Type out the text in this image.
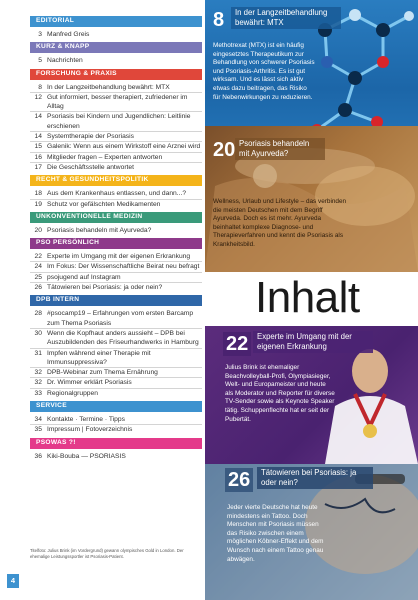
EDITORIAL
3 Manfred Greis
KURZ & KNAPP
5 Nachrichten
FORSCHUNG & PRAXIS
8 In der Langzeitbehandlung bewährt: MTX
12 Gut informiert, besser therapiert, zufriedener im Alltag
14 Psoriasis bei Kindern und Jugendlichen: Leitlinie erschienen
14 Systemtherapie der Psoriasis
15 Galenik: Wenn aus einem Wirkstoff eine Arznei wird
16 Mitglieder fragen – Experten antworten
17 Die Geschäftsstelle antwortet
RECHT & GESUNDHEITSPOLITIK
18 Aus dem Krankenhaus entlassen, und dann...?
19 Schutz vor gefälschten Medikamenten
UNKONVENTIONELLE MEDIZIN
20 Psoriasis behandeln mit Ayurveda?
PSO PERSÖNLICH
22 Experte im Umgang mit der eigenen Erkrankung
24 Im Fokus: Der Wissenschaftliche Beirat neu befragt
25 psojugend auf Instagram
26 Tätowieren bei Psoriasis: ja oder nein?
DPB INTERN
28 #psocamp19 – Erfahrungen vom ersten Barcamp zum Thema Psoriasis
30 Wenn die Kopfhaut anders aussieht – DPB bei Auszubildenden des Friseurhandwerks in Hamburg
31 Impfen während einer Therapie mit Immunsuppressiva?
32 DPB-Webinar zum Thema Ernährung
32 Dr. Wimmer erklärt Psoriasis
33 Regionalgruppen
SERVICE
34 Kontakte · Termine · Tipps
35 Impressum | Fotoverzeichnis
PSOWAS ?!
36 Kiki-Bouba — PSORIASIS
Titelfoto: Julius Brink (im Vordergrund) gewann olympisches Gold in London. Der ehemalige Leistungssportler ist Psoriasis-Patient.
4
8	In der Langzeitbehandlung bewährt: MTX
Methotrexat (MTX) ist ein häufig eingesetztes Therapeutikum zur Behandlung von schwerer Psoriasis und Psoriasis-Arthritis. Es ist gut wirksam. Und es lässt sich aktiv etwas dazu beitragen, das Risiko für Nebenwirkungen zu reduzieren.
20 Psoriasis behandeln mit Ayurveda?
Wellness, Urlaub und Lifestyle – das verbinden die meisten Deutschen mit dem Begriff Ayurveda. Doch es ist mehr. Ayurveda beinhaltet komplexe Diagnose- und Therapieverfahren und kennt die Psoriasis als Krankheitsbild.
22	Experte im Umgang mit der eigenen Erkrankung
Julius Brink ist ehemaliger Beachvolleyball-Profi, Olympiasieger, Welt- und Europameister und heute als Moderator und Reporter für diverse TV-Sender sowie als Keynote Speaker tätig. Schuppenflechte hat er seit der Pubertät.
26	Tätowieren bei Psoriasis: ja oder nein?
Jeder vierte Deutsche hat heute mindestens ein Tattoo. Doch Menschen mit Psoriasis müssen das Risiko zwischen einem möglichen Köbner-Effekt und dem Wunsch nach einem Tattoo genau abwägen.
Inhalt
